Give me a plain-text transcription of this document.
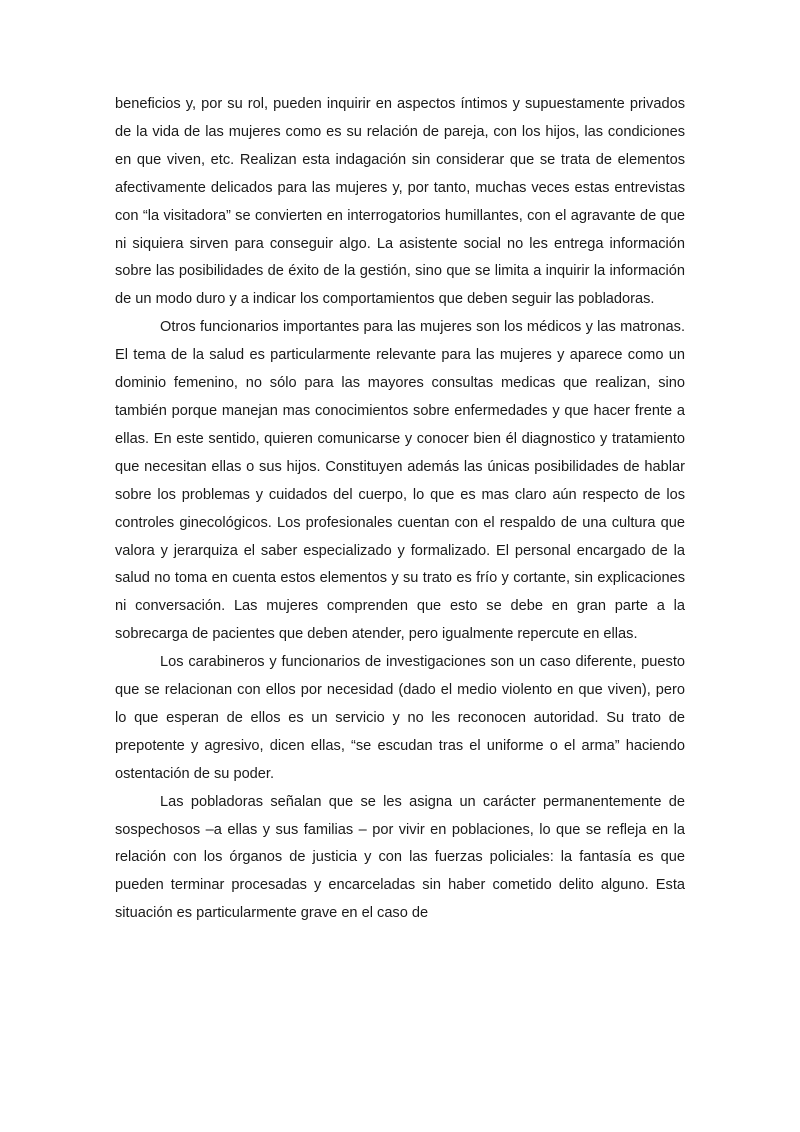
beneficios y, por su rol, pueden inquirir en aspectos íntimos y supuestamente privados de la vida de las mujeres como es su relación de pareja, con los hijos, las condiciones en que viven, etc. Realizan esta indagación sin considerar que se trata de elementos afectivamente delicados para las mujeres y, por tanto, muchas veces estas entrevistas con “la visitadora” se convierten en interrogatorios humillantes, con el agravante de que ni siquiera sirven para conseguir algo. La asistente social no les entrega información sobre las posibilidades de éxito de la gestión, sino que se limita a inquirir la información de un modo duro y a indicar los comportamientos que deben seguir las pobladoras.

Otros funcionarios importantes para las mujeres son los médicos y las matronas. El tema de la salud es particularmente relevante para las mujeres y aparece como un dominio femenino, no sólo para las mayores consultas medicas que realizan, sino también porque manejan mas conocimientos sobre enfermedades y que hacer frente a ellas. En este sentido, quieren comunicarse y conocer bien él diagnostico y tratamiento que necesitan ellas o sus hijos. Constituyen además las únicas posibilidades de hablar sobre los problemas y cuidados del cuerpo, lo que es mas claro aún respecto de los controles ginecológicos. Los profesionales cuentan con el respaldo de una cultura que valora y jerarquiza el saber especializado y formalizado. El personal encargado de la salud no toma en cuenta estos elementos y su trato es frío y cortante, sin explicaciones ni conversación. Las mujeres comprenden que esto se debe en gran parte a la sobrecarga de pacientes que deben atender, pero igualmente repercute en ellas.

Los carabineros y funcionarios de investigaciones son un caso diferente, puesto que se relacionan con ellos por necesidad (dado el medio violento en que viven), pero lo que esperan de ellos es un servicio y no les reconocen autoridad. Su trato de prepotente y agresivo, dicen ellas, “se escudan tras el uniforme o el arma” haciendo ostentación de su poder.

Las pobladoras señalan que se les asigna un carácter permanentemente de sospechosos –a ellas y sus familias – por vivir en poblaciones, lo que se refleja en la relación con los órganos de justicia y con las fuerzas policiales: la fantasía es que pueden terminar procesadas y encarceladas sin haber cometido delito alguno. Esta situación es particularmente grave en el caso de
